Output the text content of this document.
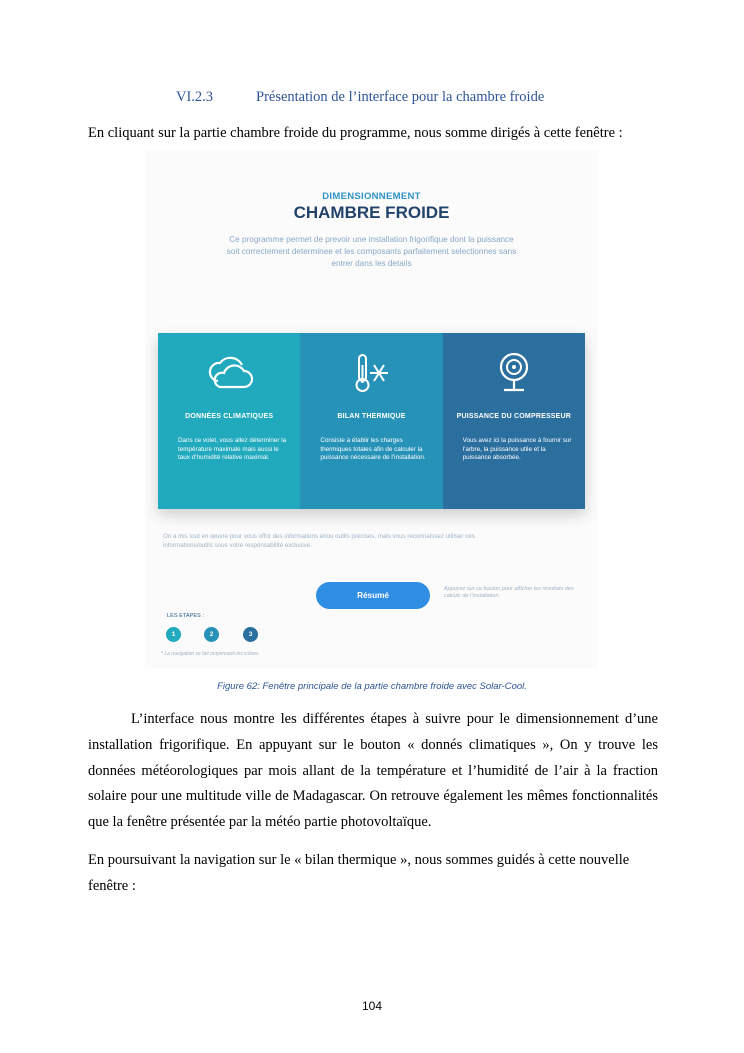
VI.2.3	Présentation de l’interface pour la chambre froide
En cliquant sur la partie chambre froide du programme, nous somme dirigés à cette fenêtre :
DIMENSIONNEMENT
CHAMBRE FROIDE
Ce programme permet de prevoir une installation frigorifique dont la puissance soit correctement determinee et les composants parfaitement selectionnes sans entrer dans les details
DONNÉES CLIMATIQUES
Dans ce volet, vous allez déterminer la température maximale mais aussi le taux d’humidité relative maximal.
BILAN THERMIQUE
Consiste à établir les charges thermiques totales afin de calculer la puissance nécessaire de l’installation.
PUISSANCE DU COMPRESSEUR
Vous avez ici la puissance à fournir sur l’arbre, la puissance utile et la puissance absorbée.
On a mis tout en œuvre pour vous offrir des informations et/ou outils précises, mais vous reconnaissez utiliser ces informations/outils sous votre responsabilité exclusive.
Résumé
Appuyez sur ce bouton pour afficher les résultats des calculs de l’installation.
LES ETAPES :
1	2	3
* La navigation se fait moyennant les icônes
Figure 62: Fenêtre principale de la partie chambre froide avec Solar-Cool.
L’interface nous montre les différentes étapes à suivre pour le dimensionnement d’une installation frigorifique. En appuyant sur le bouton « donnés climatiques », On y trouve les données météorologiques par mois allant de la température et l’humidité de l’air à la fraction solaire pour une multitude ville de Madagascar. On retrouve également les mêmes fonctionnalités que la fenêtre présentée par la météo partie photovoltaïque.
En poursuivant la navigation sur le « bilan thermique », nous sommes guidés à cette nouvelle fenêtre :
104
